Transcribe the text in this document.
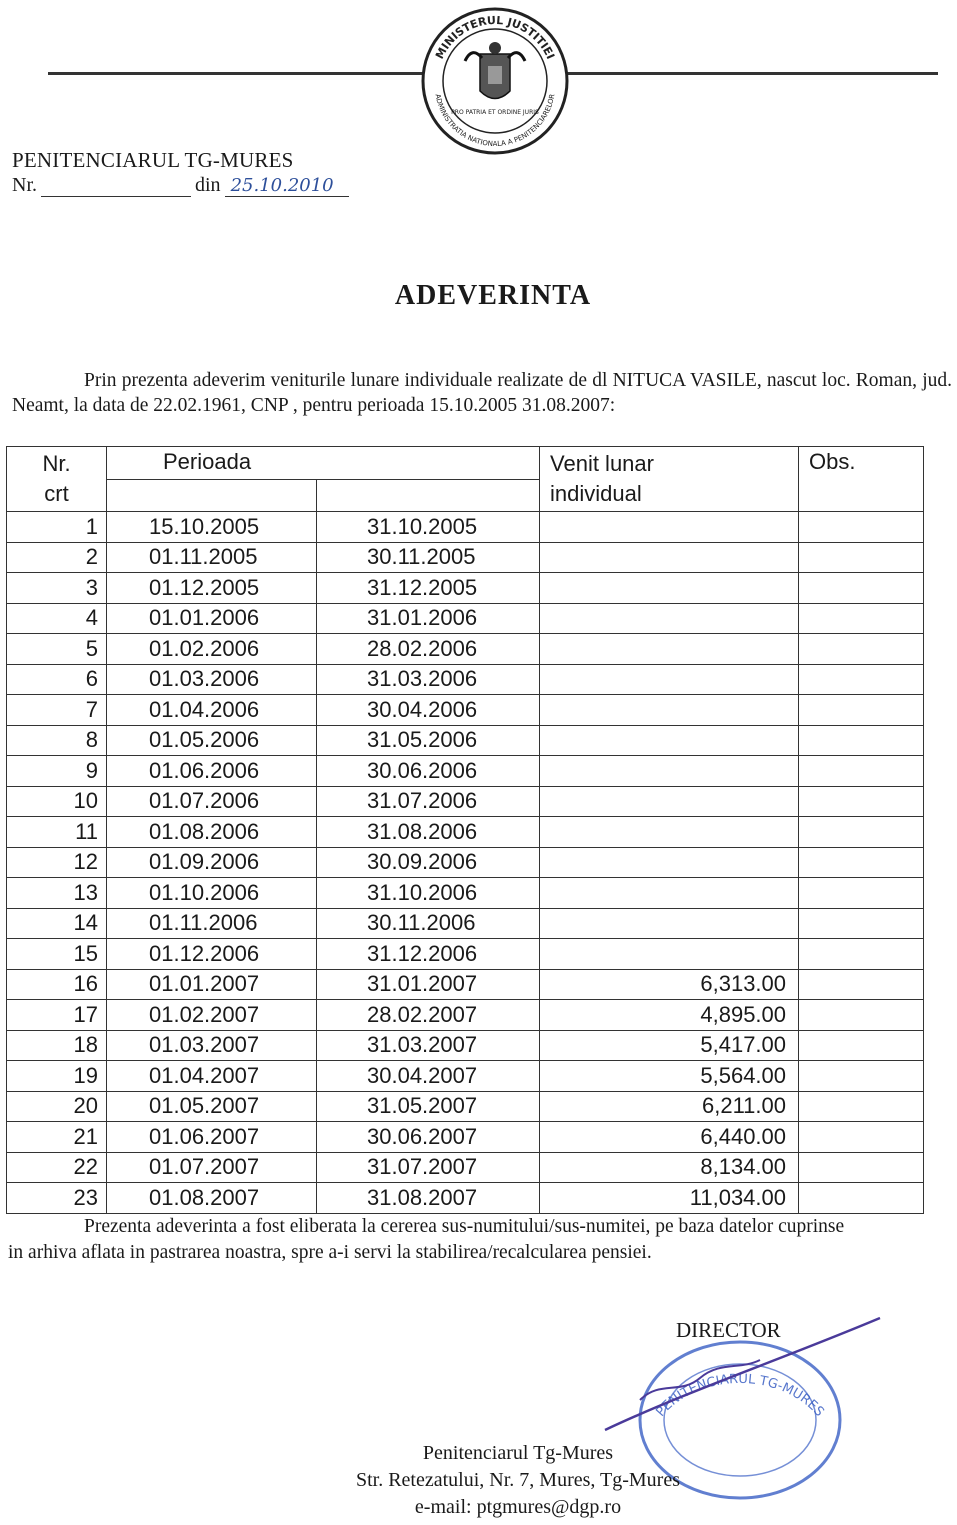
MINISTERUL JUSTITIEI
ADMINISTRATIA NATIONALA A PENITENCIARELOR
PRO PATRIA ET ORDINE JURIS
PENITENCIARUL TG-MURES
Nr.	din 25.10.2010
ADEVERINTA
Prin prezenta adeverim veniturile lunare individuale realizate de dl NITUCA VASILE, nascut loc. Roman, jud. Neamt, la data de 22.02.1961, CNP , pentru perioada 15.10.2005 31.08.2007:
Nr.
crt	Perioada		Venit lunar
individual	Obs.

1	15.10.2005	31.10.2005		
2	01.11.2005	30.11.2005		
3	01.12.2005	31.12.2005		
4	01.01.2006	31.01.2006		
5	01.02.2006	28.02.2006		
6	01.03.2006	31.03.2006		
7	01.04.2006	30.04.2006		
8	01.05.2006	31.05.2006		
9	01.06.2006	30.06.2006		
10	01.07.2006	31.07.2006		
11	01.08.2006	31.08.2006		
12	01.09.2006	30.09.2006		
13	01.10.2006	31.10.2006		
14	01.11.2006	30.11.2006		
15	01.12.2006	31.12.2006		
16	01.01.2007	31.01.2007	6,313.00	
17	01.02.2007	28.02.2007	4,895.00	
18	01.03.2007	31.03.2007	5,417.00	
19	01.04.2007	30.04.2007	5,564.00	
20	01.05.2007	31.05.2007	6,211.00	
21	01.06.2007	30.06.2007	6,440.00	
22	01.07.2007	31.07.2007	8,134.00	
23	01.08.2007	31.08.2007	11,034.00	
Prezenta adeverinta a fost eliberata la cererea sus-numitului/sus-numitei, pe baza datelor cuprinse
in arhiva aflata in pastrarea noastra, spre a-i servi la stabilirea/recalcularea pensiei.
PENITENCIARUL TG-MURES
DIRECTOR
Penitenciarul Tg-Mures
Str. Retezatului, Nr. 7, Mures, Tg-Mures
e-mail: ptgmures@dgp.ro
